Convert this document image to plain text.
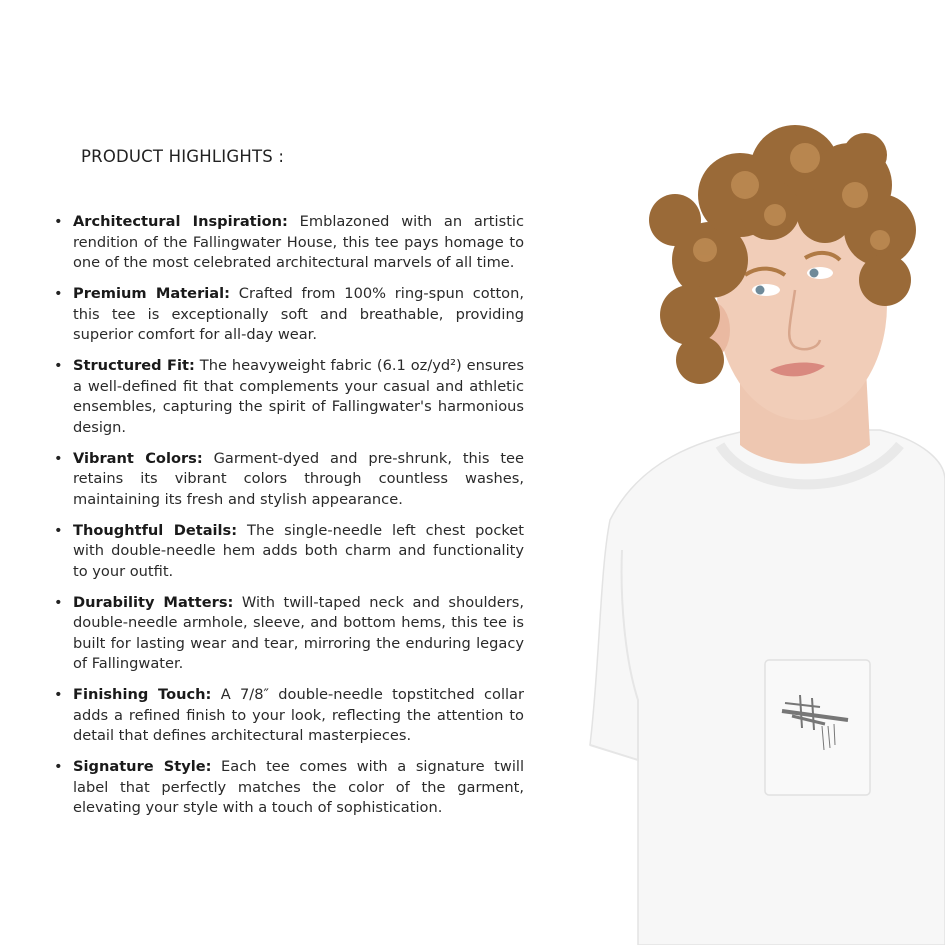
PRODUCT HIGHLIGHTS :
• Architectural Inspiration: Emblazoned with an artistic rendition of the Fallingwater House, this tee pays homage to one of the most celebrated architectural marvels of all time.
• Premium Material: Crafted from 100% ring-spun cotton, this tee is exceptionally soft and breathable, providing superior comfort for all-day wear.
• Structured Fit: The heavyweight fabric (6.1 oz/yd²) ensures a well-defined fit that complements your casual and athletic ensembles, capturing the spirit of Fallingwater's harmonious design.
• Vibrant Colors: Garment-dyed and pre-shrunk, this tee retains its vibrant colors through countless washes, maintaining its fresh and stylish appearance.
• Thoughtful Details: The single-needle left chest pocket with double-needle hem adds both charm and functionality to your outfit.
• Durability Matters: With twill-taped neck and shoulders, double-needle armhole, sleeve, and bottom hems, this tee is built for lasting wear and tear, mirroring the enduring legacy of Fallingwater.
• Finishing Touch: A 7/8″ double-needle topstitched collar adds a refined finish to your look, reflecting the attention to detail that defines architectural masterpieces.
• Signature Style: Each tee comes with a signature twill label that perfectly matches the color of the garment, elevating your style with a touch of sophistication.
